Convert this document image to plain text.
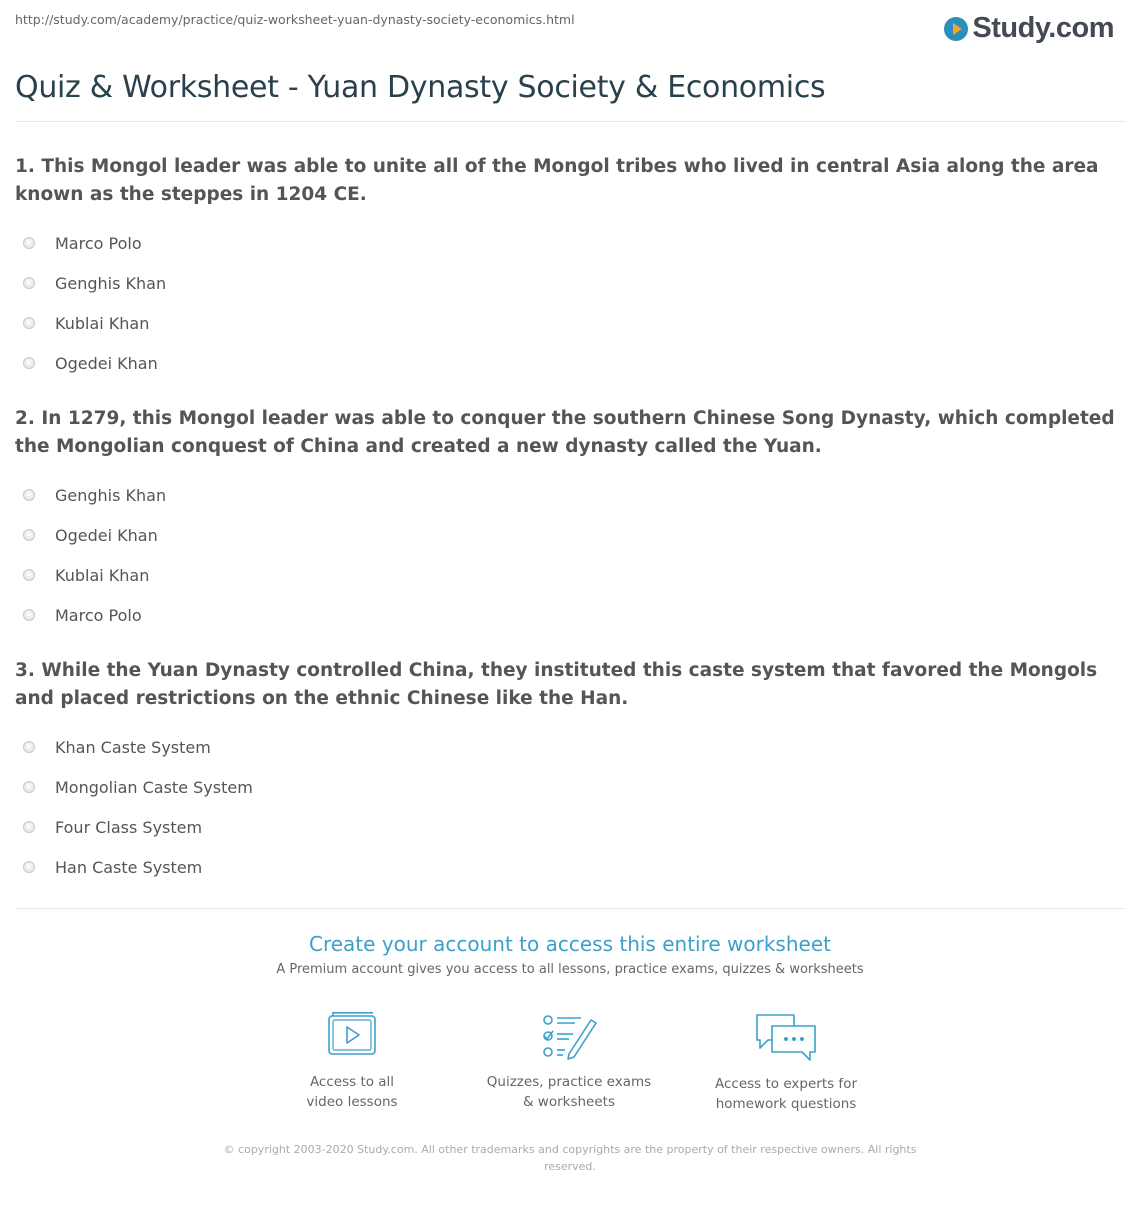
http://study.com/academy/practice/quiz-worksheet-yuan-dynasty-society-economics.html	Study.com
Quiz & Worksheet - Yuan Dynasty Society & Economics

1. This Mongol leader was able to unite all of the Mongol tribes who lived in central Asia along the area known as the steppes in 1204 CE.

Marco Polo
Genghis Khan
Kublai Khan
Ogedei Khan

2. In 1279, this Mongol leader was able to conquer the southern Chinese Song Dynasty, which completed the Mongolian conquest of China and created a new dynasty called the Yuan.

Genghis Khan
Ogedei Khan
Kublai Khan
Marco Polo

3. While the Yuan Dynasty controlled China, they instituted this caste system that favored the Mongols and placed restrictions on the ethnic Chinese like the Han.

Khan Caste System
Mongolian Caste System
Four Class System
Han Caste System
Create your account to access this entire worksheet
A Premium account gives you access to all lessons, practice exams, quizzes & worksheets
Access to all
video lessons
Quizzes, practice exams
& worksheets
Access to experts for
homework questions
© copyright 2003-2020 Study.com. All other trademarks and copyrights are the property of their respective owners. All rights reserved.
